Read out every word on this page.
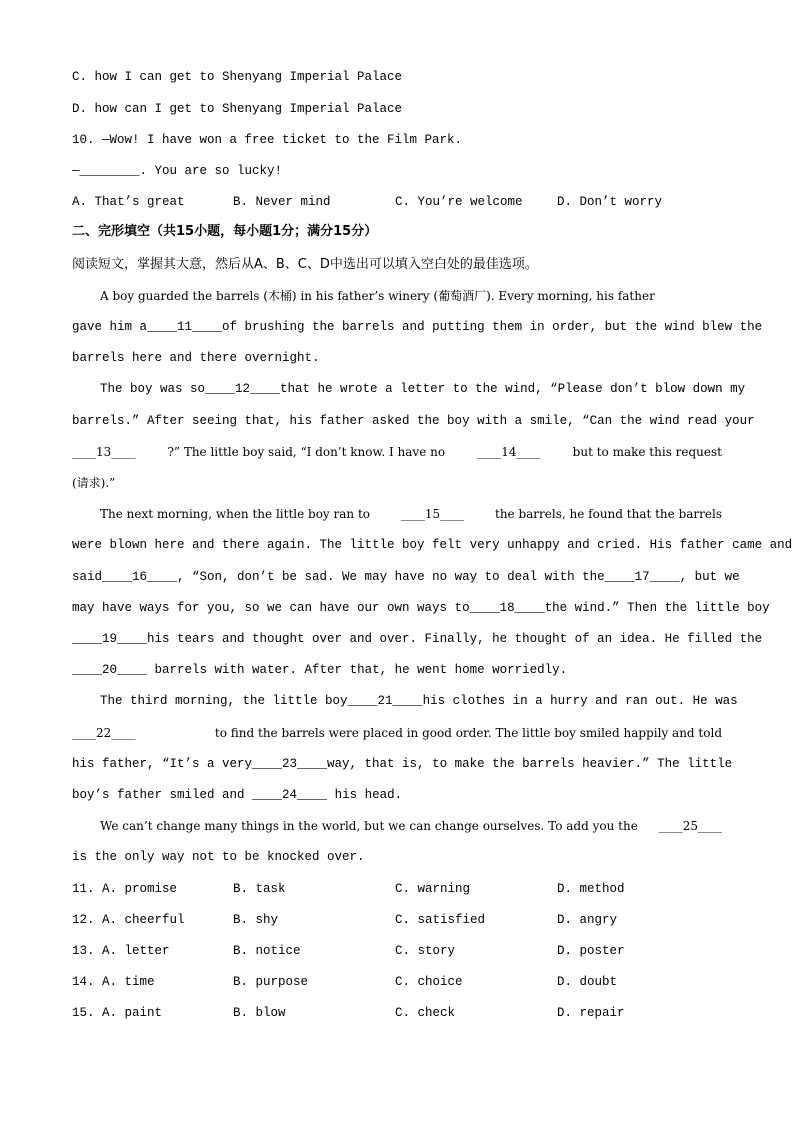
C. how I can get to Shenyang Imperial Palace
D. how can I get to Shenyang Imperial Palace
10. —Wow! I have won a free ticket to the Film Park.
—________. You are so lucky!
A. That’s great	B. Never mind	C. You’re welcome	D. Don’t worry
二、完形填空（共15小题，每小题1分；满分15分）
阅读短文，掌握其大意，然后从A、B、C、D中选出可以填入空白处的最佳选项。
A boy guarded the barrels (木桶) in his father’s winery (葡萄酒厂). Every morning, his father
gave him a ____11____ of brushing the barrels and putting them in order, but the wind blew the
barrels here and there overnight.
The boy was so ____12____ that he wrote a letter to the wind, “Please don’t blow down my
barrels.” After seeing that, his father asked the boy with a smile, “Can the wind read your
____13____	?” The little boy said, “I don’t know. I have no	____14____	but to make this request
(请求).”
The next morning, when the little boy ran to	____15____	the barrels, he found that the barrels
were blown here and there again. The little boy felt very unhappy and cried. His father came and
said ____16____ , “Son, don’t be sad. We may have no way to deal with the ____17____ , but we
may have ways for you, so we can have our own ways to ____18____ the wind.” Then the little boy
____19____ his tears and thought over and over. Finally, he thought of an idea. He filled the
____20____ barrels with water. After that, he went home worriedly.
The third morning, the little boy ____21____ his clothes in a hurry and ran out. He was
____22____	to find the barrels were placed in good order. The little boy smiled happily and told
his father, “It’s a very ____23____ way, that is, to make the barrels heavier.” The little
boy’s father smiled and ____24____ his head.
We can’t change many things in the world, but we can change ourselves. To add you the ____25____
is the only way not to be knocked over.
11. A. promise	B. task	C. warning	D. method
12. A. cheerful	B. shy	C. satisfied	D. angry
13. A. letter	B. notice	C. story	D. poster
14. A. time	B. purpose	C. choice	D. doubt
15. A. paint	B. blow	C. check	D. repair
